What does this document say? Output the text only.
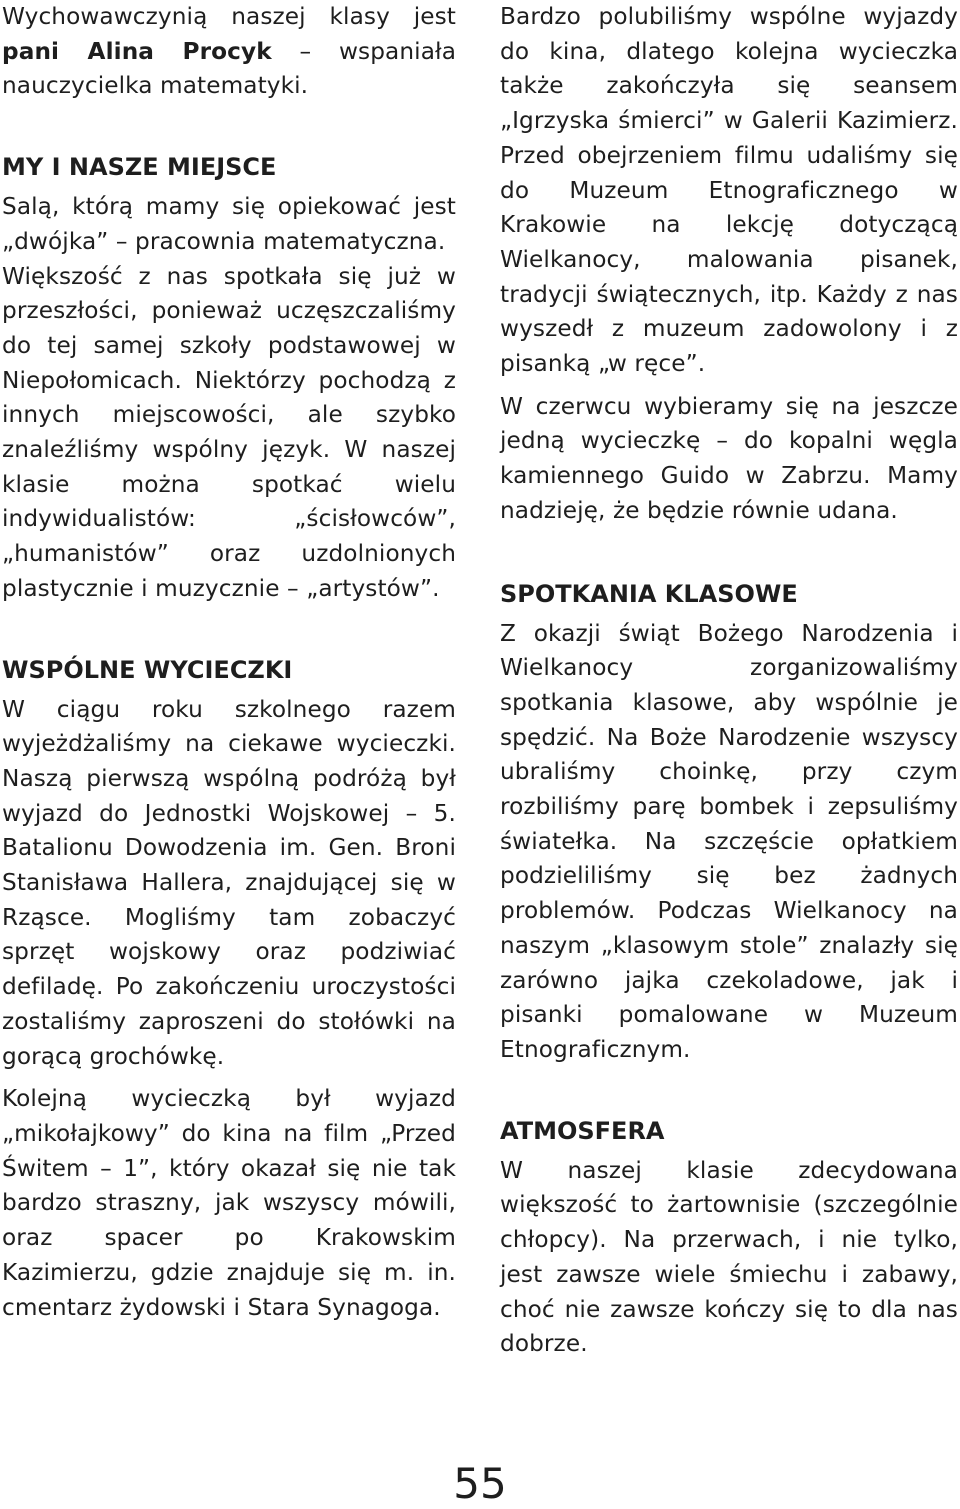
Wychowawczynią naszej klasy jest pani Alina Procyk – wspaniała nauczycielka matematyki.

MY I NASZE MIEJSCE

Salą, którą mamy się opiekować jest „dwójka” – pracownia matematyczna.

Większość z nas spotkała się już w przeszłości, ponieważ uczęszczaliśmy do tej samej szkoły podstawowej w Niepołomicach. Niektórzy pochodzą z innych miejscowości, ale szybko znaleźliśmy wspólny język. W naszej klasie można spotkać wielu indywidualistów: „ścisłowców”, „humanistów” oraz uzdolnionych plastycznie i muzycznie – „artystów”.

WSPÓLNE WYCIECZKI

W ciągu roku szkolnego razem wyjeżdżaliśmy na ciekawe wycieczki. Naszą pierwszą wspólną podróżą był wyjazd do Jednostki Wojskowej – 5. Batalionu Dowodzenia im. Gen. Broni Stanisława Hallera, znajdującej się w Rząsce. Mogliśmy tam zobaczyć sprzęt wojskowy oraz podziwiać defiladę. Po zakończeniu uroczystości zostaliśmy zaproszeni do stołówki na gorącą grochówkę.

Kolejną wycieczką był wyjazd „mikołajkowy” do kina na film „Przed Świtem – 1”, który okazał się nie tak bardzo straszny, jak wszyscy mówili, oraz spacer po Krakowskim Kazimierzu, gdzie znajduje się m. in. cmentarz żydowski i Stara Synagoga.

Bardzo polubiliśmy wspólne wyjazdy do kina, dlatego kolejna wycieczka także zakończyła się seansem „Igrzyska śmierci” w Galerii Kazimierz. Przed obejrzeniem filmu udaliśmy się do Muzeum Etnograficznego w Krakowie na lekcję dotyczącą Wielkanocy, malowania pisanek, tradycji świątecznych, itp. Każdy z nas wyszedł z muzeum zadowolony i z pisanką „w ręce”.

W czerwcu wybieramy się na jeszcze jedną wycieczkę – do kopalni węgla kamiennego Guido w Zabrzu. Mamy nadzieję, że będzie równie udana.

SPOTKANIA KLASOWE

Z okazji świąt Bożego Narodzenia i Wielkanocy zorganizowaliśmy spotkania klasowe, aby wspólnie je spędzić. Na Boże Narodzenie wszyscy ubraliśmy choinkę, przy czym rozbiliśmy parę bombek i zepsuliśmy światełka. Na szczęście opłatkiem podzieliliśmy się bez żadnych problemów. Podczas Wielkanocy na naszym „klasowym stole” znalazły się zarówno jajka czekoladowe, jak i pisanki pomalowane w Muzeum Etnograficznym.

ATMOSFERA

W naszej klasie zdecydowana większość to żartownisie (szczególnie chłopcy). Na przerwach, i nie tylko, jest zawsze wiele śmiechu i zabawy, choć nie zawsze kończy się to dla nas dobrze.

55
